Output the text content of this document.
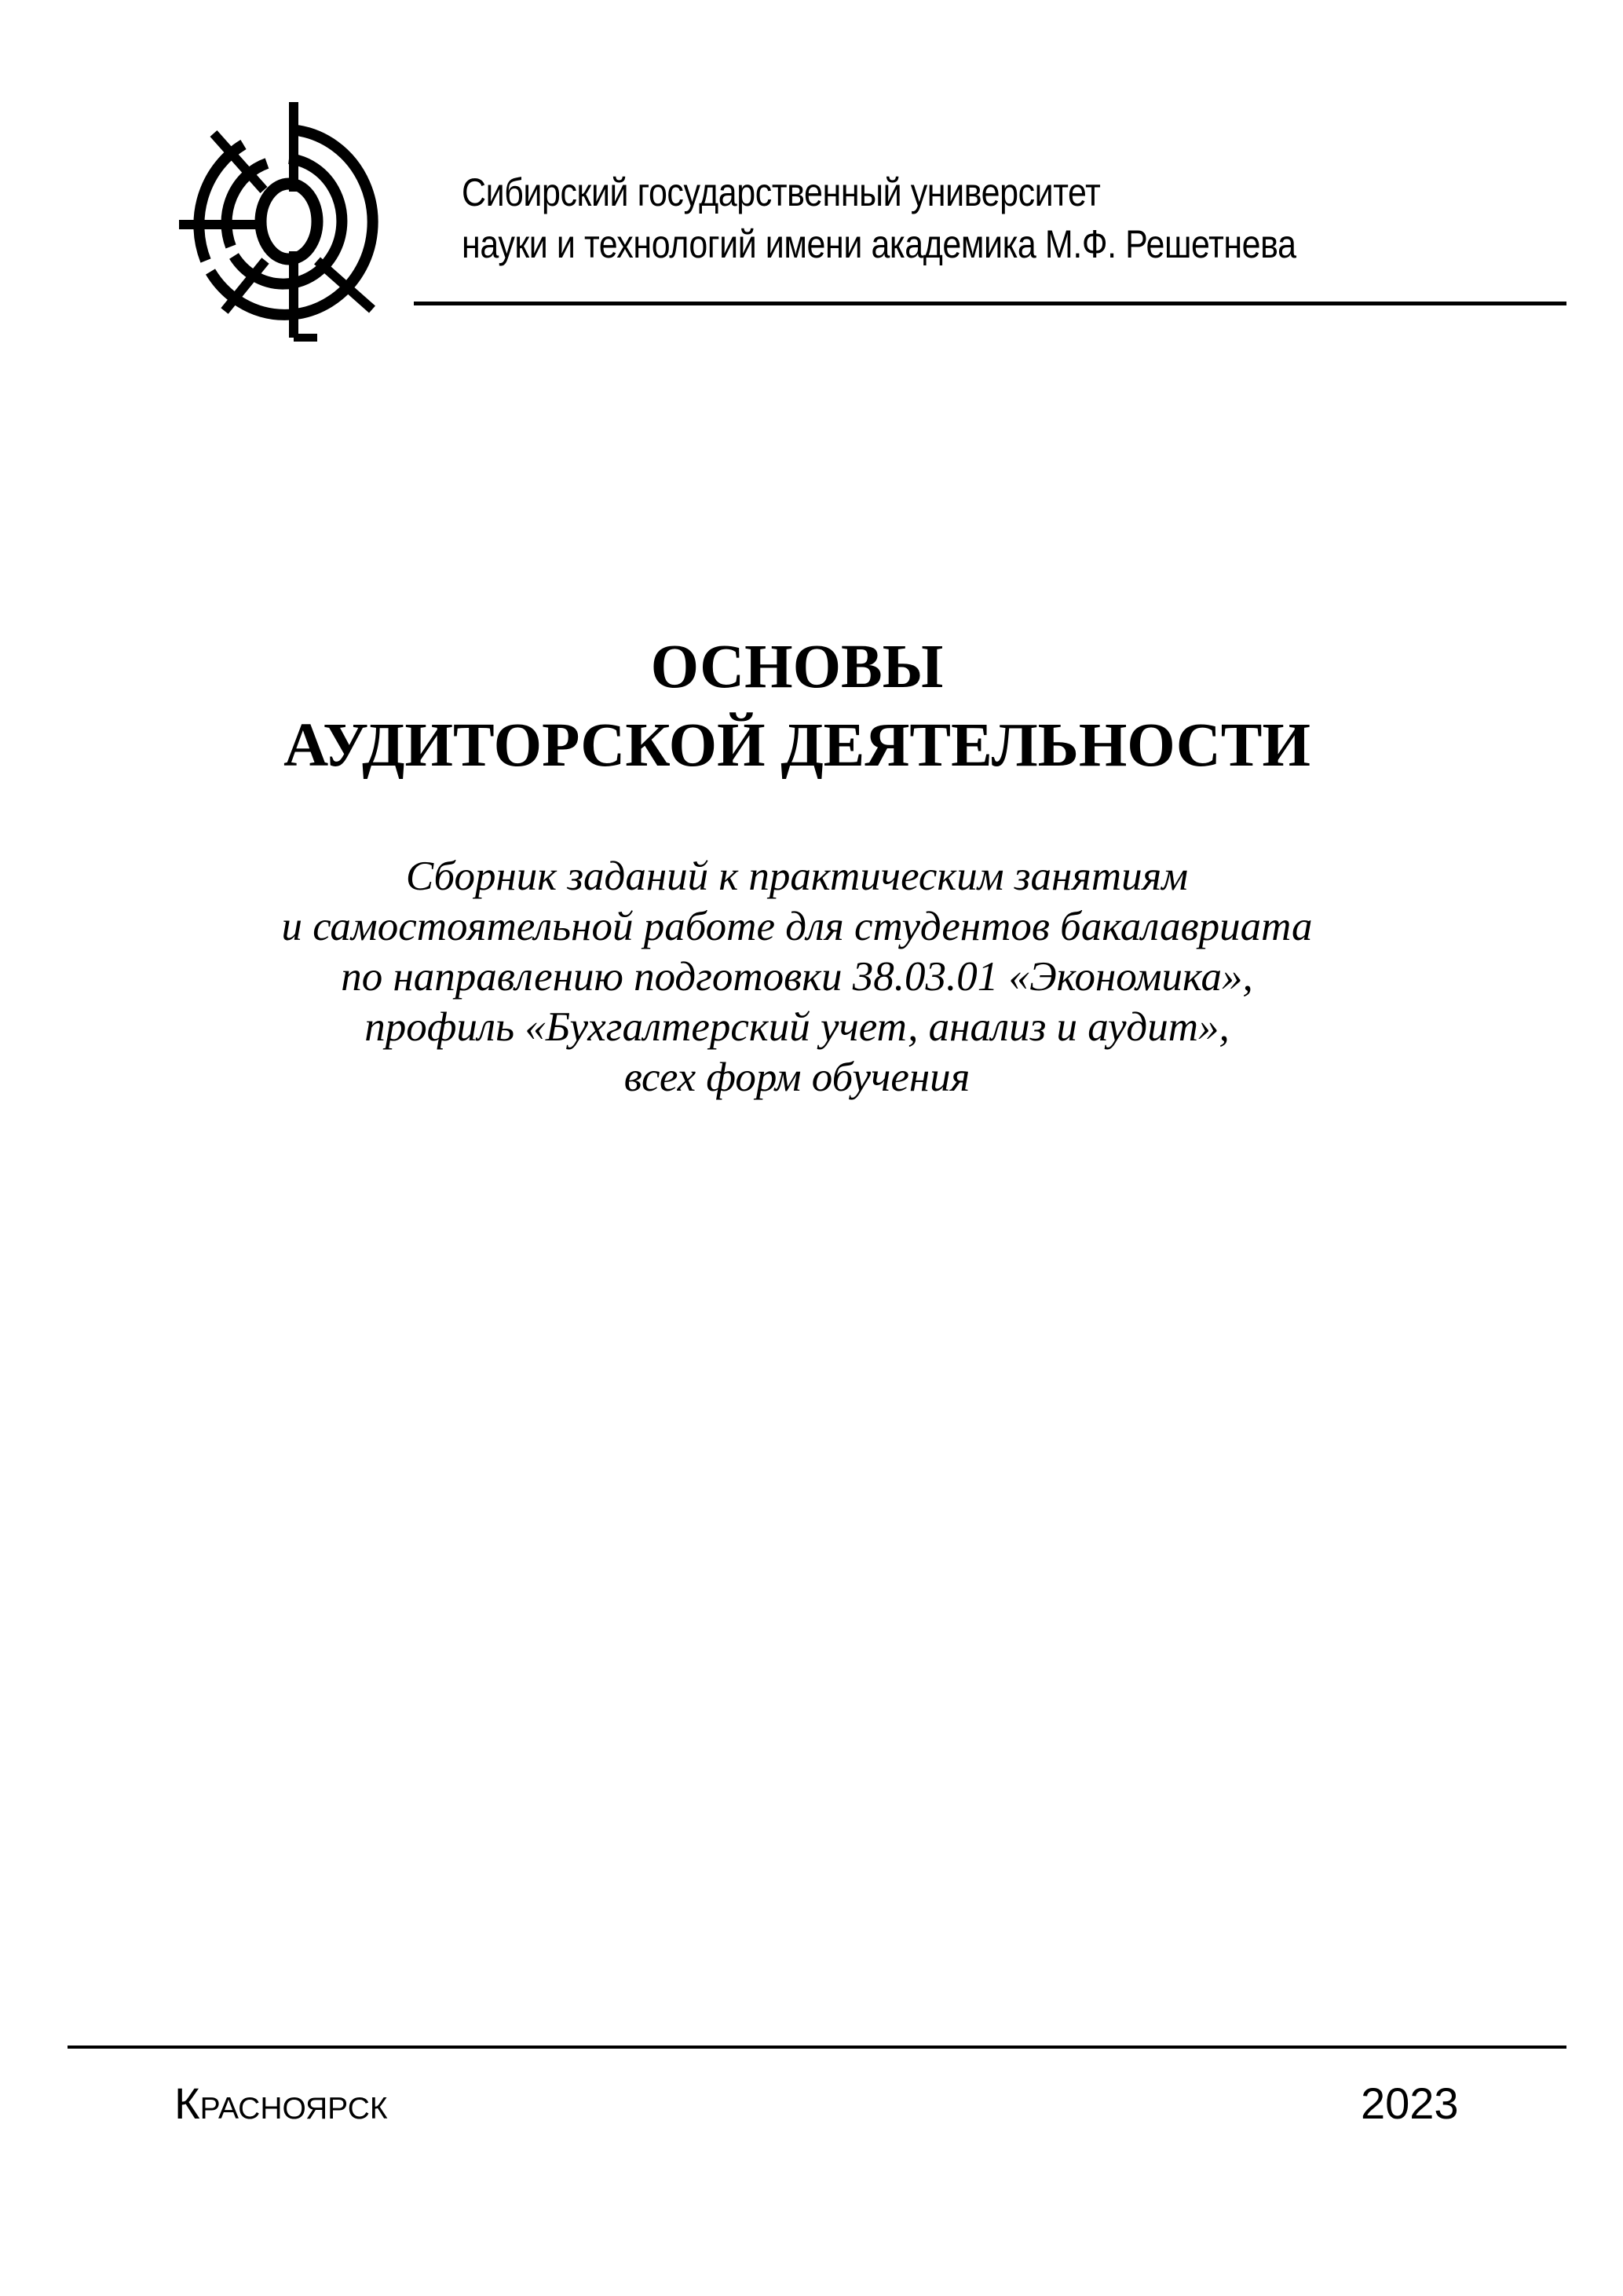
Сибирский государственный университет
науки и технологий имени академика М.Ф. Решетнева
ОСНОВЫ
АУДИТОРСКОЙ ДЕЯТЕЛЬНОСТИ
Сборник заданий к практическим занятиям
и самостоятельной работе для студентов бакалавриата
по направлению подготовки 38.03.01 «Экономика»,
профиль «Бухгалтерский учет, анализ и аудит»,
всех форм обучения
Красноярск	2023
